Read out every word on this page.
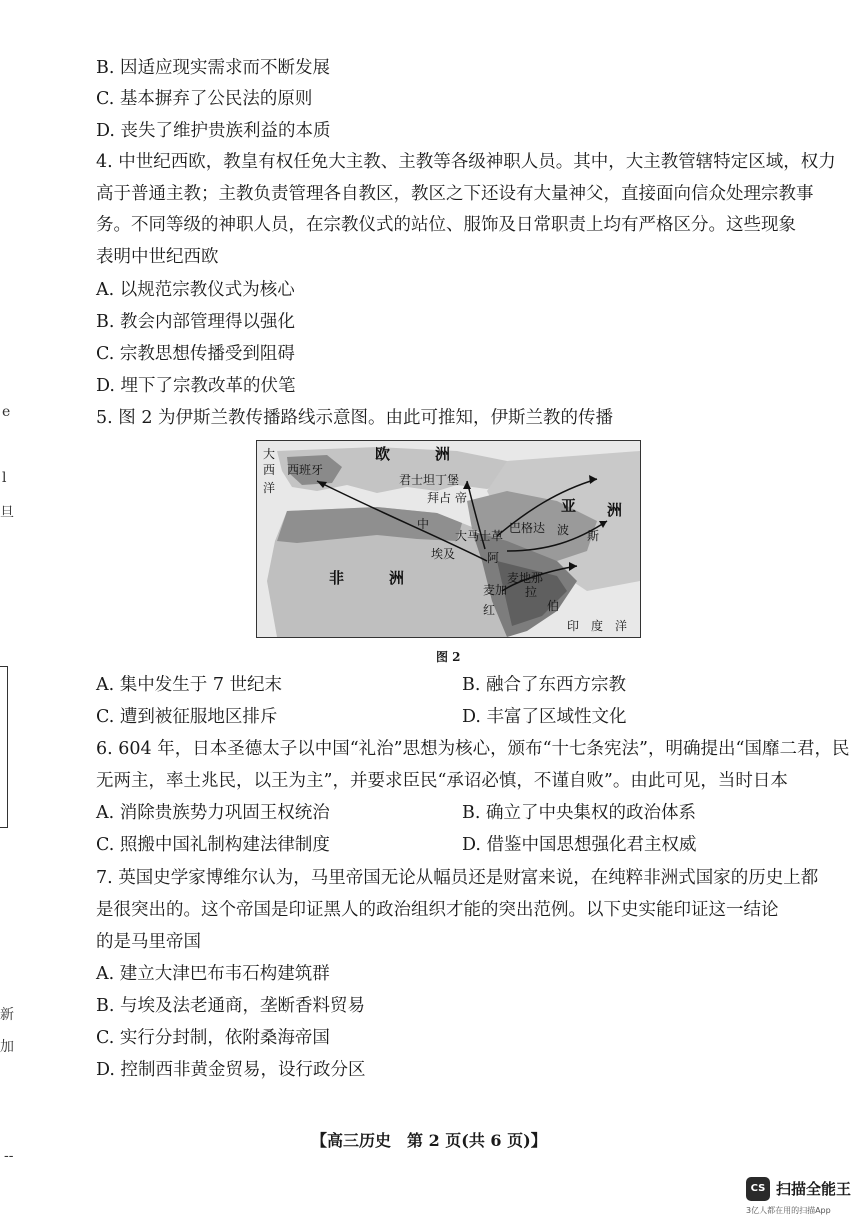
e
l
旦
新
加
--
B. 因适应现实需求而不断发展
C. 基本摒弃了公民法的原则
D. 丧失了维护贵族利益的本质
4. 中世纪西欧，教皇有权任免大主教、主教等各级神职人员。其中，大主教管辖特定区域，权力
高于普通主教；主教负责管理各自教区，教区之下还设有大量神父，直接面向信众处理宗教事
务。不同等级的神职人员，在宗教仪式的站位、服饰及日常职责上均有严格区分。这些现象
表明中世纪西欧
A. 以规范宗教仪式为核心
B. 教会内部管理得以强化
C. 宗教思想传播受到阻碍
D. 埋下了宗教改革的伏笔
5. 图 2 为伊斯兰教传播路线示意图。由此可推知，伊斯兰教的传播
欧　　　洲
亚 洲
非　　　洲
大
西
洋
西班牙
君士坦丁堡
拜占 帝
巴格达 波 斯
大马士革
埃及
麦地那
麦加
阿
拉
伯
印　度　洋
中
红
图 2
A. 集中发生于 7 世纪末	B. 融合了东西方宗教
C. 遭到被征服地区排斥	D. 丰富了区域性文化
6. 604 年，日本圣德太子以中国“礼治”思想为核心，颁布“十七条宪法”，明确提出“国靡二君，民
无两主，率土兆民，以王为主”，并要求臣民“承诏必慎，不谨自败”。由此可见，当时日本
A. 消除贵族势力巩固王权统治	B. 确立了中央集权的政治体系
C. 照搬中国礼制构建法律制度	D. 借鉴中国思想强化君主权威
7. 英国史学家博维尔认为，马里帝国无论从幅员还是财富来说，在纯粹非洲式国家的历史上都
是很突出的。这个帝国是印证黑人的政治组织才能的突出范例。以下史实能印证这一结论
的是马里帝国
A. 建立大津巴布韦石构建筑群
B. 与埃及法老通商，垄断香料贸易
C. 实行分封制，依附桑海帝国
D. 控制西非黄金贸易，设行政分区
【高三历史　第 2 页(共 6 页)】
CS 扫描全能王
3亿人都在用的扫描App
